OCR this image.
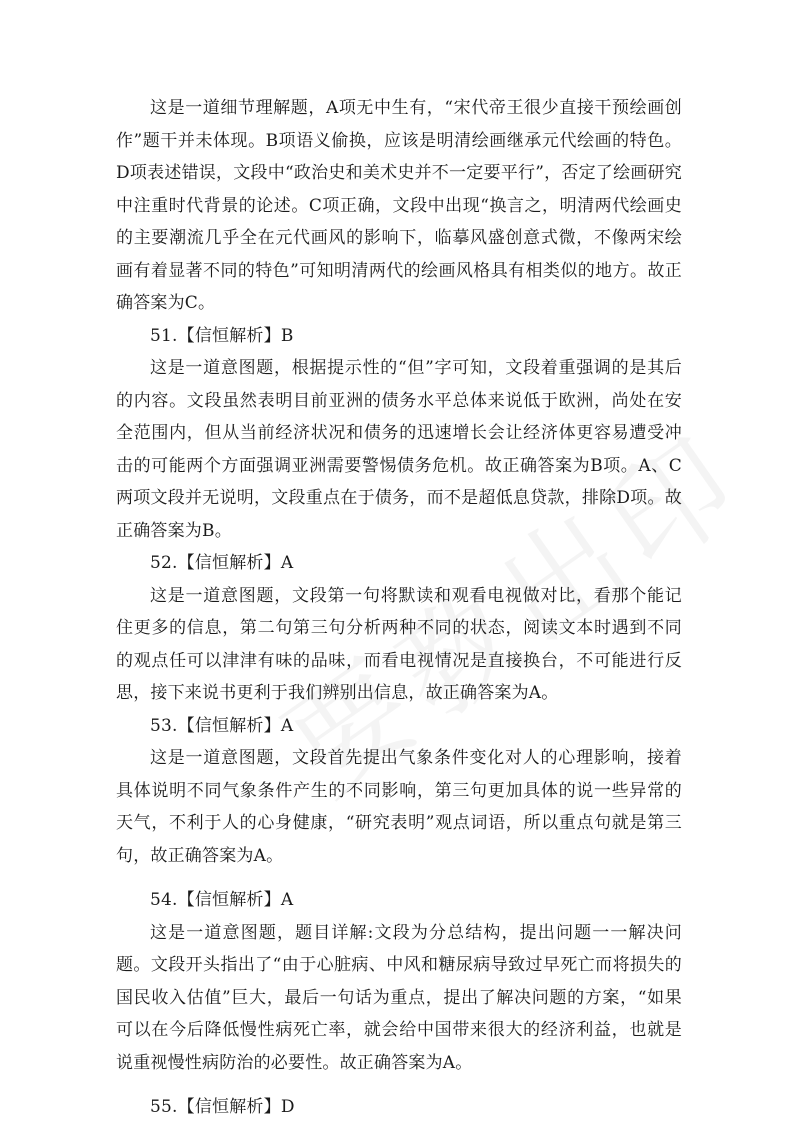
这是一道细节理解题，A项无中生有，“宋代帝王很少直接干预绘画创作”题干并未体现。B项语义偷换，应该是明清绘画继承元代绘画的特色。D项表述错误，文段中“政治史和美术史并不一定要平行”，否定了绘画研究中注重时代背景的论述。C项正确，文段中出现“换言之，明清两代绘画史的主要潮流几乎全在元代画风的影响下，临摹风盛创意式微，不像两宋绘画有着显著不同的特色”可知明清两代的绘画风格具有相类似的地方。故正确答案为C。

51.【信恒解析】B

这是一道意图题，根据提示性的“但”字可知，文段着重强调的是其后的内容。文段虽然表明目前亚洲的债务水平总体来说低于欧洲，尚处在安全范围内，但从当前经济状况和债务的迅速增长会让经济体更容易遭受冲击的可能两个方面强调亚洲需要警惕债务危机。故正确答案为B项。A、C两项文段并无说明，文段重点在于债务，而不是超低息贷款，排除D项。故正确答案为B。

52.【信恒解析】A

这是一道意图题，文段第一句将默读和观看电视做对比，看那个能记住更多的信息，第二句第三句分析两种不同的状态，阅读文本时遇到不同的观点任可以津津有味的品味，而看电视情况是直接换台，不可能进行反思，接下来说书更利于我们辨别出信息，故正确答案为A。

53.【信恒解析】A

这是一道意图题，文段首先提出气象条件变化对人的心理影响，接着具体说明不同气象条件产生的不同影响，第三句更加具体的说一些异常的天气，不利于人的心身健康，“研究表明”观点词语，所以重点句就是第三句，故正确答案为A。

54.【信恒解析】A

这是一道意图题，题目详解:文段为分总结构，提出问题一一解决问题。文段开头指出了“由于心脏病、中风和糖尿病导致过早死亡而将损失的国民收入估值”巨大，最后一句话为重点，提出了解决问题的方案，“如果可以在今后降低慢性病死亡率，就会给中国带来很大的经济利益，也就是说重视慢性病防治的必要性。故正确答案为A。

55.【信恒解析】D
